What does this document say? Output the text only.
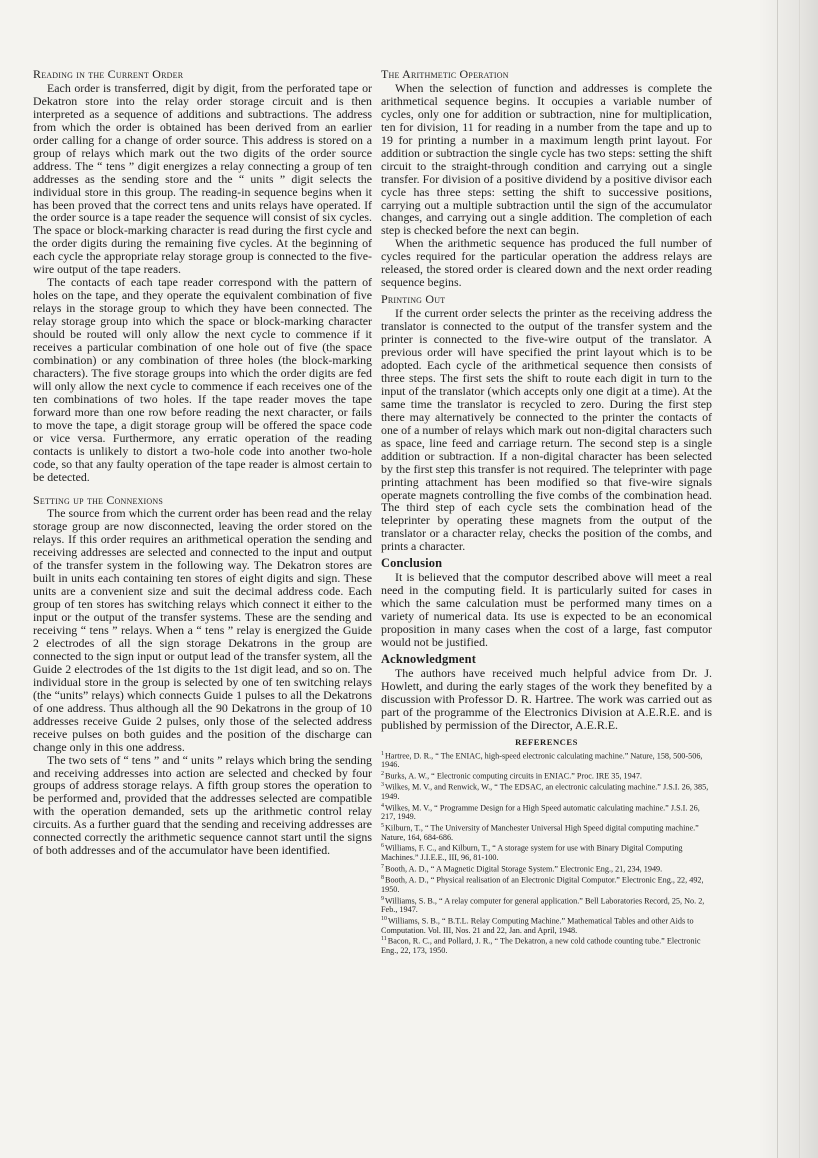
Reading in the Current Order

Each order is transferred, digit by digit, from the perforated tape or Dekatron store into the relay order storage circuit and is then interpreted as a sequence of additions and subtractions. The address from which the order is obtained has been derived from an earlier order calling for a change of order source. This address is stored on a group of relays which mark out the two digits of the order source address. The “ tens ” digit energizes a relay connecting a group of ten addresses as the sending store and the “ units ” digit selects the individual store in this group. The reading-in sequence begins when it has been proved that the correct tens and units relays have operated. If the order source is a tape reader the sequence will consist of six cycles. The space or block-marking character is read during the first cycle and the order digits during the remaining five cycles. At the beginning of each cycle the appropriate relay storage group is connected to the five-wire output of the tape readers.

The contacts of each tape reader correspond with the pattern of holes on the tape, and they operate the equivalent combination of five relays in the storage group to which they have been connected. The relay storage group into which the space or block-marking character should be routed will only allow the next cycle to commence if it receives a particular combination of one hole out of five (the space combination) or any combination of three holes (the block-marking characters). The five storage groups into which the order digits are fed will only allow the next cycle to commence if each receives one of the ten combinations of two holes. If the tape reader moves the tape forward more than one row before reading the next character, or fails to move the tape, a digit storage group will be offered the space code or vice versa. Furthermore, any erratic operation of the reading contacts is unlikely to distort a two-hole code into another two-hole code, so that any faulty operation of the tape reader is almost certain to be detected.

Setting up the Connexions

The source from which the current order has been read and the relay storage group are now disconnected, leaving the order stored on the relays. If this order requires an arithmetical operation the sending and receiving addresses are selected and connected to the input and output of the transfer system in the following way. The Dekatron stores are built in units each containing ten stores of eight digits and sign. These units are a convenient size and suit the decimal address code. Each group of ten stores has switching relays which connect it either to the input or the output of the transfer systems. These are the sending and receiving “ tens ” relays. When a “ tens ” relay is energized the Guide 2 electrodes of all the sign storage Dekatrons in the group are connected to the sign input or output lead of the transfer system, all the Guide 2 electrodes of the 1st digits to the 1st digit lead, and so on. The individual store in the group is selected by one of ten switching relays (the “units” relays) which connects Guide 1 pulses to all the Dekatrons of one address. Thus although all the 90 Dekatrons in the group of 10 addresses receive Guide 2 pulses, only those of the selected address receive pulses on both guides and the position of the discharge can change only in this one address.

The two sets of “ tens ” and “ units ” relays which bring the sending and receiving addresses into action are selected and checked by four groups of address storage relays. A fifth group stores the operation to be performed and, provided that the addresses selected are compatible with the operation demanded, sets up the arithmetic control relay circuits. As a further guard that the sending and receiving addresses are connected correctly the arithmetic sequence cannot start until the signs of both addresses and of the accumulator have been identified.

The Arithmetic Operation

When the selection of function and addresses is complete the arithmetical sequence begins. It occupies a variable number of cycles, only one for addition or subtraction, nine for multiplication, ten for division, 11 for reading in a number from the tape and up to 19 for printing a number in a maximum length print layout. For addition or subtraction the single cycle has two steps: setting the shift circuit to the straight-through condition and carrying out a single transfer. For division of a positive dividend by a positive divisor each cycle has three steps: setting the shift to successive positions, carrying out a multiple subtraction until the sign of the accumulator changes, and carrying out a single addition. The completion of each step is checked before the next can begin.

When the arithmetic sequence has produced the full number of cycles required for the particular operation the address relays are released, the stored order is cleared down and the next order reading sequence begins.

Printing Out

If the current order selects the printer as the receiving address the translator is connected to the output of the transfer system and the printer is connected to the five-wire output of the translator. A previous order will have specified the print layout which is to be adopted. Each cycle of the arithmetical sequence then consists of three steps. The first sets the shift to route each digit in turn to the input of the translator (which accepts only one digit at a time). At the same time the translator is recycled to zero. During the first step there may alternatively be connected to the printer the contacts of one of a number of relays which mark out non-digital characters such as space, line feed and carriage return. The second step is a single addition or subtraction. If a non-digital character has been selected by the first step this transfer is not required. The teleprinter with page printing attachment has been modified so that five-wire signals operate magnets controlling the five combs of the combination head. The third step of each cycle sets the combination head of the teleprinter by operating these magnets from the output of the translator or a character relay, checks the position of the combs, and prints a character.

Conclusion

It is believed that the computor described above will meet a real need in the computing field. It is particularly suited for cases in which the same calculation must be performed many times on a variety of numerical data. Its use is expected to be an economical proposition in many cases when the cost of a large, fast computor would not be justified.

Acknowledgment

The authors have received much helpful advice from Dr. J. Howlett, and during the early stages of the work they benefited by a discussion with Professor D. R. Hartree. The work was carried out as part of the programme of the Electronics Division at A.E.R.E. and is published by permission of the Director, A.E.R.E.

REFERENCES
$^1$Hartree, D. R., “ The ENIAC, high-speed electronic calculating machine.” Nature, 158, 500-506, 1946.
$^2$Burks, A. W., “ Electronic computing circuits in ENIAC.” Proc. IRE 35, 1947.
$^3$Wilkes, M. V., and Renwick, W., “ The EDSAC, an electronic calculating machine.” J.S.I. 26, 385, 1949.
$^4$Wilkes, M. V., “ Programme Design for a High Speed automatic calculating machine.” J.S.I. 26, 217, 1949.
$^5$Kilburn, T., “ The University of Manchester Universal High Speed digital computing machine.” Nature, 164, 684-686.
$^6$Williams, F. C., and Kilburn, T., “ A storage system for use with Binary Digital Computing Machines.” J.I.E.E., III, 96, 81-100.
$^7$Booth, A. D., “ A Magnetic Digital Storage System.” Electronic Eng., 21, 234, 1949.
$^8$Booth, A. D., “ Physical realisation of an Electronic Digital Computor.” Electronic Eng., 22, 492, 1950.
$^9$Williams, S. B., “ A relay computer for general application.” Bell Laboratories Record, 25, No. 2, Feb., 1947.
$^{10}$Williams, S. B., “ B.T.L. Relay Computing Machine.” Mathematical Tables and other Aids to Computation. Vol. III, Nos. 21 and 22, Jan. and April, 1948.
$^{11}$Bacon, R. C., and Pollard, J. R., “ The Dekatron, a new cold cathode counting tube.” Electronic Eng., 22, 173, 1950.
